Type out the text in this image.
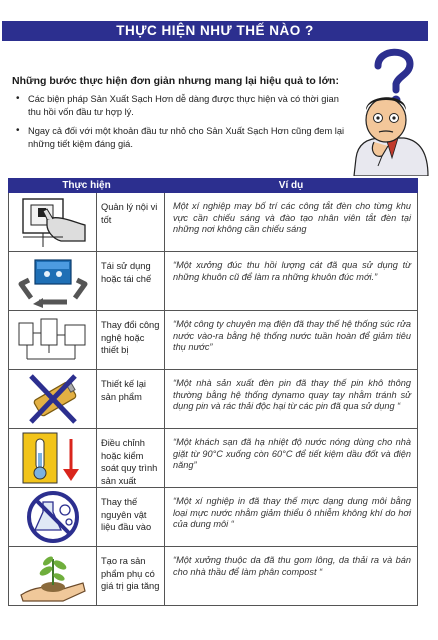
THỰC HIỆN NHƯ THẾ NÀO ?
Những bước thực hiện đơn giản nhưng mang lại hiệu quả to lớn:
• Các biện pháp Sản Xuất Sạch Hơn dễ dàng được thực hiện và có thời gian thu hồi vốn đầu tư hợp lý.
• Ngay cả đối với một khoản đầu tư nhỏ cho Sản Xuất Sạch Hơn cũng đem lại những tiết kiệm đáng giá.
Thực hiện		Ví dụ

	Quản lý nội vi tốt	Một xí nghiệp may bố trí các công tắt đèn cho từng khu vực cần chiếu sáng và đào tạo nhân viên tắt đèn tại những nơi không cần chiếu sáng

	Tái sử dụng hoặc tái chế	“Một xưởng đúc thu hồi lượng cát đã qua sử dụng từ những khuôn cũ để làm ra những khuôn đúc mới.”

	Thay đổi công nghệ hoặc thiết bị	“Một công ty chuyên mạ điện đã thay thế hệ thống súc rửa nước vào-ra bằng hệ thống nước tuần hoàn để giảm tiêu thụ nước”

	Thiết kế lại sản phẩm	“Một nhà sản xuất đèn pin đã thay thế pin khô thông thường bằng hệ thống dynamo quay tay nhằm tránh sử dụng pin và rác thải độc hại từ các pin đã qua sử dụng “

	Điều chỉnh hoặc kiểm soát quy trình sản xuất	“Một khách sạn đã hạ nhiệt độ nước nóng dùng cho nhà giặt từ 90°C xuống còn 60°C để tiết kiệm dầu đốt và điện năng”

	Thay thế nguyên vật liệu đầu vào	“Một xí nghiệp in đã thay thế mực dạng dung môi bằng loại mực nước nhằm giảm thiểu ô nhiễm không khí do hơi của dung môi “

	Tạo ra sản phẩm phụ có giá trị gia tăng	“Một xưởng thuộc da đã thu gom lông, da thải ra và bán cho nhà thầu để làm phân compost “
